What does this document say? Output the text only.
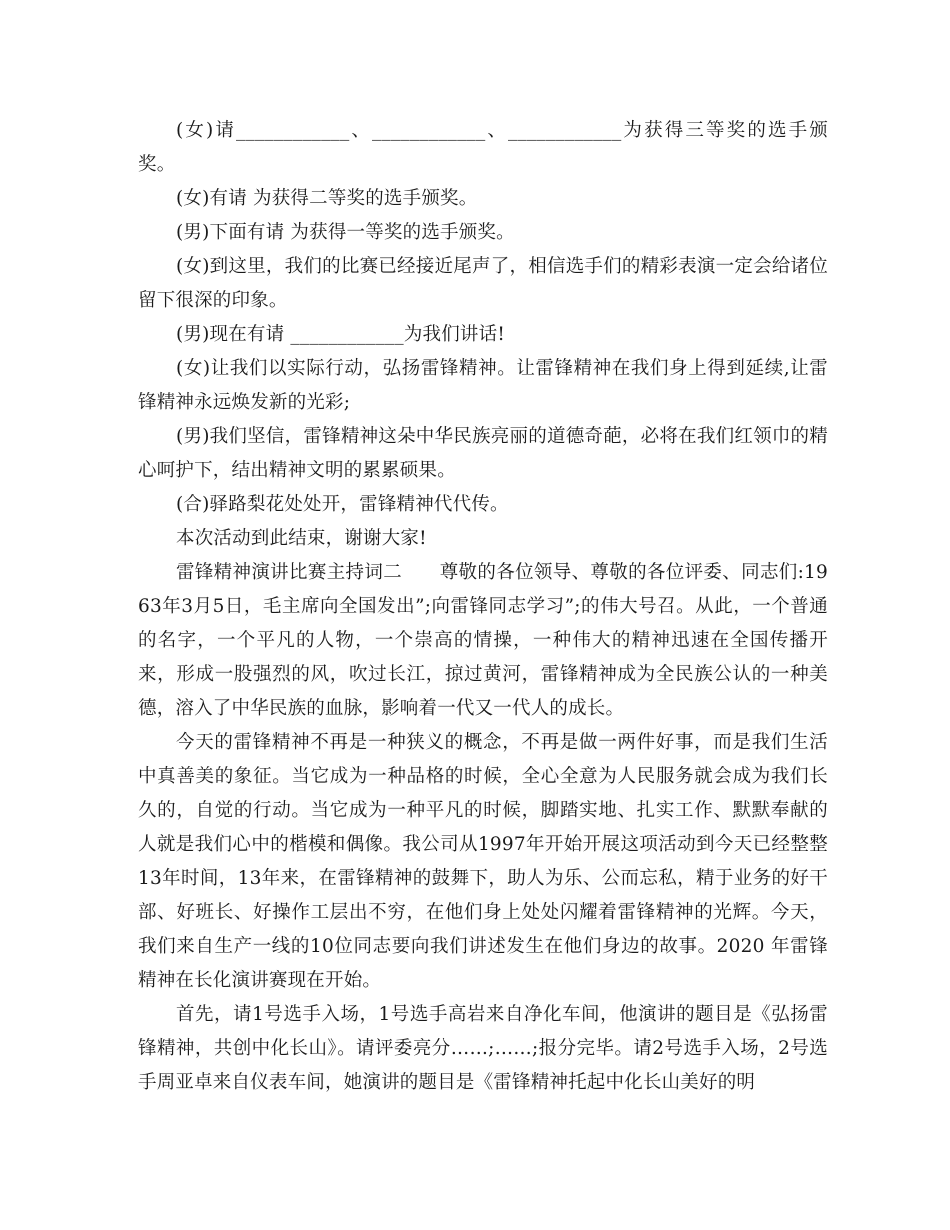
(女)请____________、____________、____________为获得三等奖的选手颁奖。

(女)有请 为获得二等奖的选手颁奖。

(男)下面有请 为获得一等奖的选手颁奖。

(女)到这里，我们的比赛已经接近尾声了，相信选手们的精彩表演一定会给诸位留下很深的印象。

(男)现在有请 ____________为我们讲话!

(女)让我们以实际行动，弘扬雷锋精神。让雷锋精神在我们身上得到延续,让雷锋精神永远焕发新的光彩;

(男)我们坚信，雷锋精神这朵中华民族亮丽的道德奇葩，必将在我们红领巾的精心呵护下，结出精神文明的累累硕果。

(合)驿路梨花处处开，雷锋精神代代传。

本次活动到此结束，谢谢大家!

雷锋精神演讲比赛主持词二　　尊敬的各位领导、尊敬的各位评委、同志们:1963年3月5日，毛主席向全国发出”;向雷锋同志学习”;的伟大号召。从此，一个普通的名字，一个平凡的人物，一个崇高的情操，一种伟大的精神迅速在全国传播开来，形成一股强烈的风，吹过长江，掠过黄河，雷锋精神成为全民族公认的一种美德，溶入了中华民族的血脉，影响着一代又一代人的成长。

今天的雷锋精神不再是一种狭义的概念，不再是做一两件好事，而是我们生活中真善美的象征。当它成为一种品格的时候，全心全意为人民服务就会成为我们长久的，自觉的行动。当它成为一种平凡的时候，脚踏实地、扎实工作、默默奉献的人就是我们心中的楷模和偶像。我公司从1997年开始开展这项活动到今天已经整整13年时间，13年来，在雷锋精神的鼓舞下，助人为乐、公而忘私，精于业务的好干部、好班长、好操作工层出不穷，在他们身上处处闪耀着雷锋精神的光辉。今天，我们来自生产一线的10位同志要向我们讲述发生在他们身边的故事。2020 年雷锋精神在长化演讲赛现在开始。

首先，请1号选手入场，1号选手高岩来自净化车间，他演讲的题目是《弘扬雷锋精神，共创中化长山》。请评委亮分……;……;报分完毕。请2号选手入场，2号选手周亚卓来自仪表车间，她演讲的题目是《雷锋精神托起中化长山美好的明
